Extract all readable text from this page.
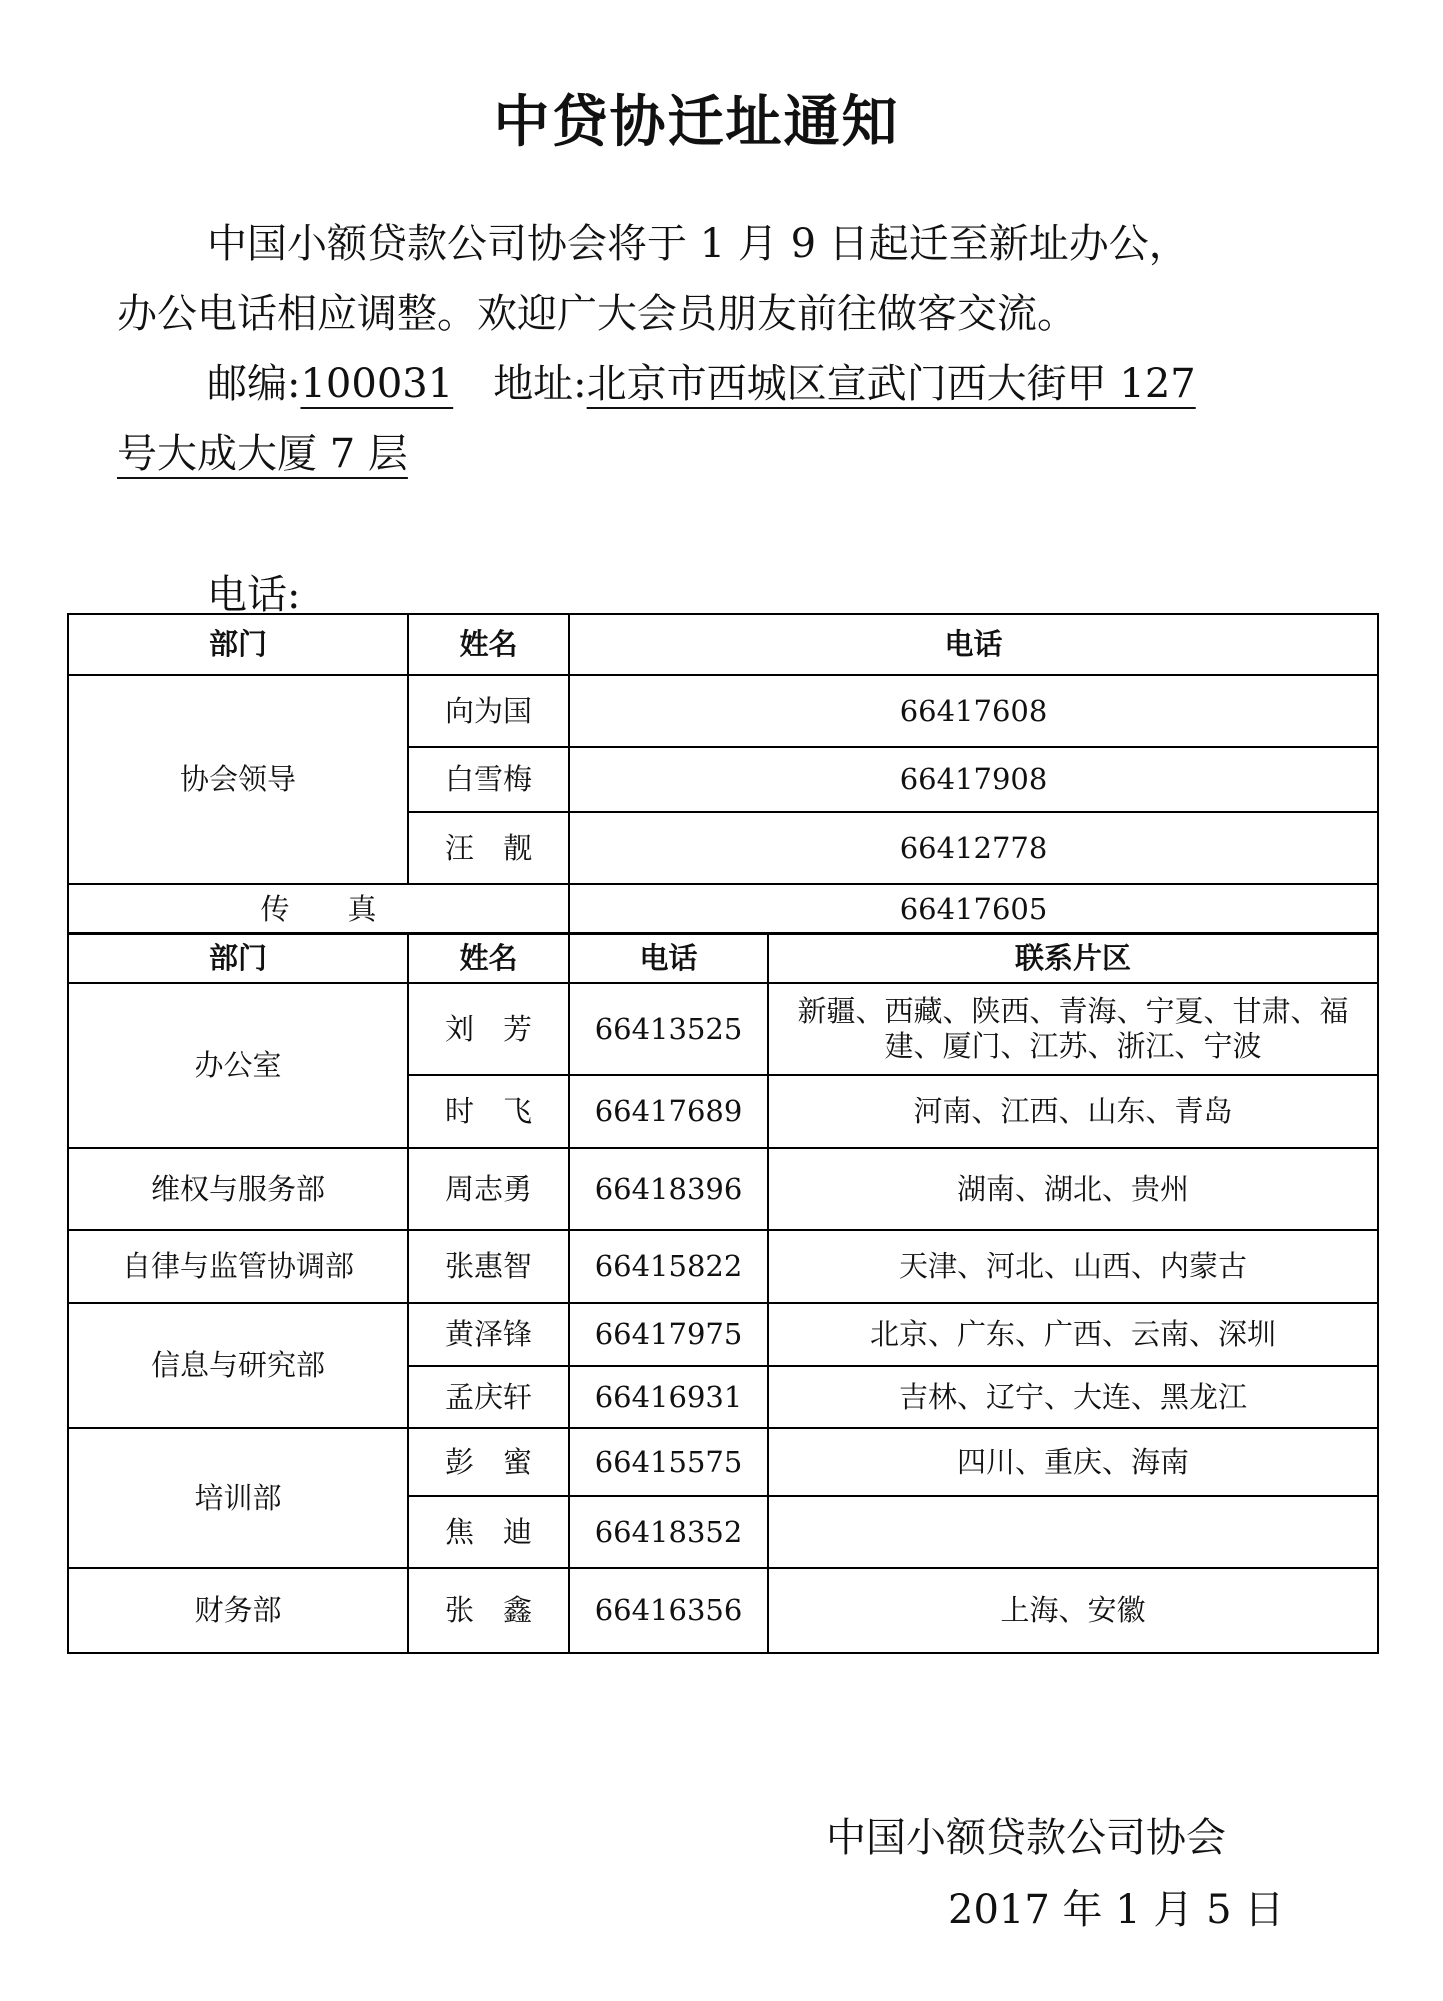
中贷协迁址通知
中国小额贷款公司协会将于 1 月 9 日起迁至新址办公，
办公电话相应调整。欢迎广大会员朋友前往做客交流。
邮编:100031　 地址:北京市西城区宣武门西大街甲 127
号大成大厦 7 层
电话:
部门	姓名	电话
协会领导	向为国	66417608
	白雪梅	66417908
	汪　靓	66412778
传　　真		66417605
部门	姓名	电话	联系片区
办公室	刘　芳	66413525	新疆、西藏、陕西、青海、宁夏、甘肃、福建、厦门、江苏、浙江、宁波
	时　飞	66417689	河南、江西、山东、青岛
维权与服务部	周志勇	66418396	湖南、湖北、贵州
自律与监管协调部	张惠智	66415822	天津、河北、山西、内蒙古
信息与研究部	黄泽锋	66417975	北京、广东、广西、云南、深圳
	孟庆轩	66416931	吉林、辽宁、大连、黑龙江
培训部	彭　蜜	66415575	四川、重庆、海南
	焦　迪	66418352	
财务部	张　鑫	66416356	上海、安徽
中国小额贷款公司协会
2017 年 1 月 5 日
